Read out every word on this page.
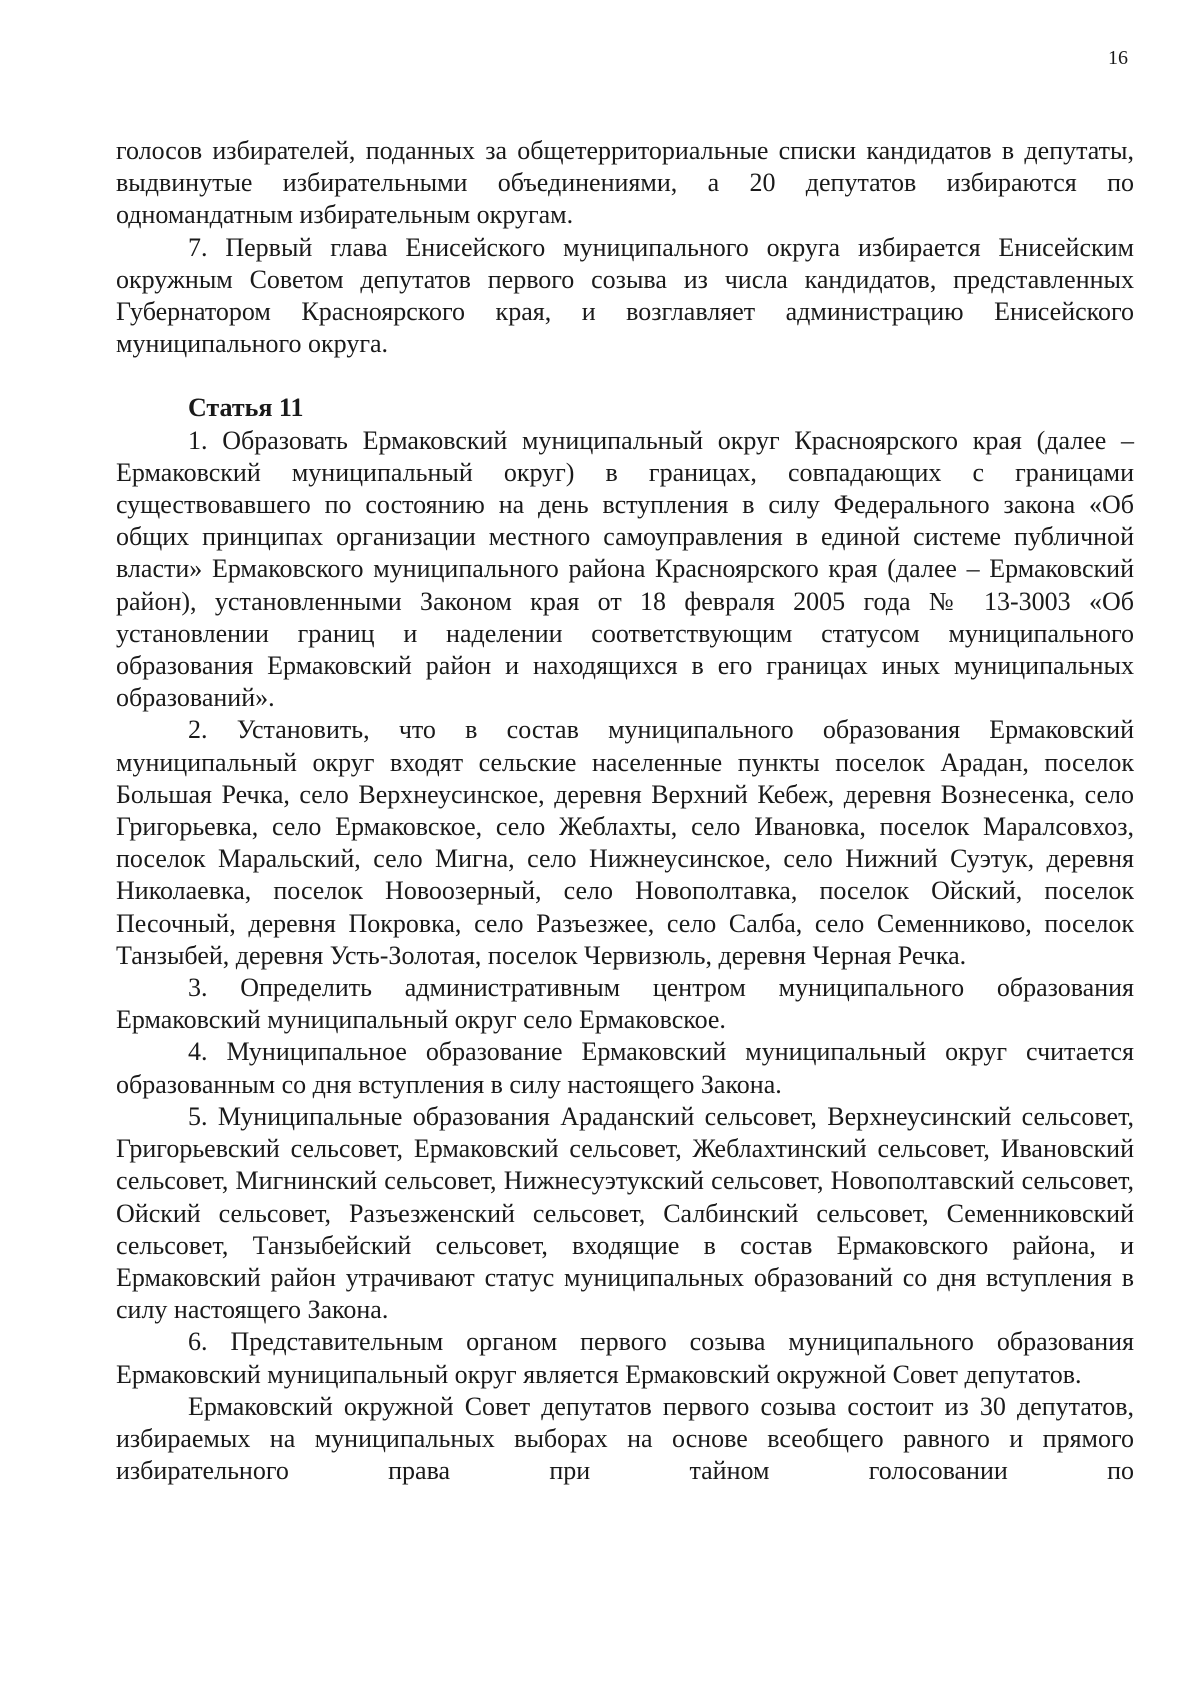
16

голосов избирателей, поданных за общетерриториальные списки кандидатов в депутаты, выдвинутые избирательными объединениями, а 20 депутатов избираются по одномандатным избирательным округам.

7. Первый глава Енисейского муниципального округа избирается Енисейским окружным Советом депутатов первого созыва из числа кандидатов, представленных Губернатором Красноярского края, и возглавляет администрацию Енисейского муниципального округа.

Статья 11

1. Образовать Ермаковский муниципальный округ Красноярского края (далее – Ермаковский муниципальный округ) в границах, совпадающих с границами существовавшего по состоянию на день вступления в силу Федерального закона «Об общих принципах организации местного самоуправления в единой системе публичной власти» Ермаковского муниципального района Красноярского края (далее – Ермаковский район), установленными Законом края от 18 февраля 2005 года № 13-3003 «Об установлении границ и наделении соответствующим статусом муниципального образования Ермаковский район и находящихся в его границах иных муниципальных образований».

2. Установить, что в состав муниципального образования Ермаковский муниципальный округ входят сельские населенные пункты поселок Арадан, поселок Большая Речка, село Верхнеусинское, деревня Верхний Кебеж, деревня Вознесенка, село Григорьевка, село Ермаковское, село Жеблахты, село Ивановка, поселок Маралсовхоз, поселок Маральский, село Мигна, село Нижнеусинское, село Нижний Суэтук, деревня Николаевка, поселок Новоозерный, село Новополтавка, поселок Ойский, поселок Песочный, деревня Покровка, село Разъезжее, село Салба, село Семенниково, поселок Танзыбей, деревня Усть-Золотая, поселок Червизюль, деревня Черная Речка.

3. Определить административным центром муниципального образования Ермаковский муниципальный округ село Ермаковское.

4. Муниципальное образование Ермаковский муниципальный округ считается образованным со дня вступления в силу настоящего Закона.

5. Муниципальные образования Араданский сельсовет, Верхнеусинский сельсовет, Григорьевский сельсовет, Ермаковский сельсовет, Жеблахтинский сельсовет, Ивановский сельсовет, Мигнинский сельсовет, Нижнесуэтукский сельсовет, Новополтавский сельсовет, Ойский сельсовет, Разъезженский сельсовет, Салбинский сельсовет, Семенниковский сельсовет, Танзыбейский сельсовет, входящие в состав Ермаковского района, и Ермаковский район утрачивают статус муниципальных образований со дня вступления в силу настоящего Закона.

6. Представительным органом первого созыва муниципального образования Ермаковский муниципальный округ является Ермаковский окружной Совет депутатов.

Ермаковский окружной Совет депутатов первого созыва состоит из 30 депутатов, избираемых на муниципальных выборах на основе всеобщего равного и прямого избирательного права при тайном голосовании по
